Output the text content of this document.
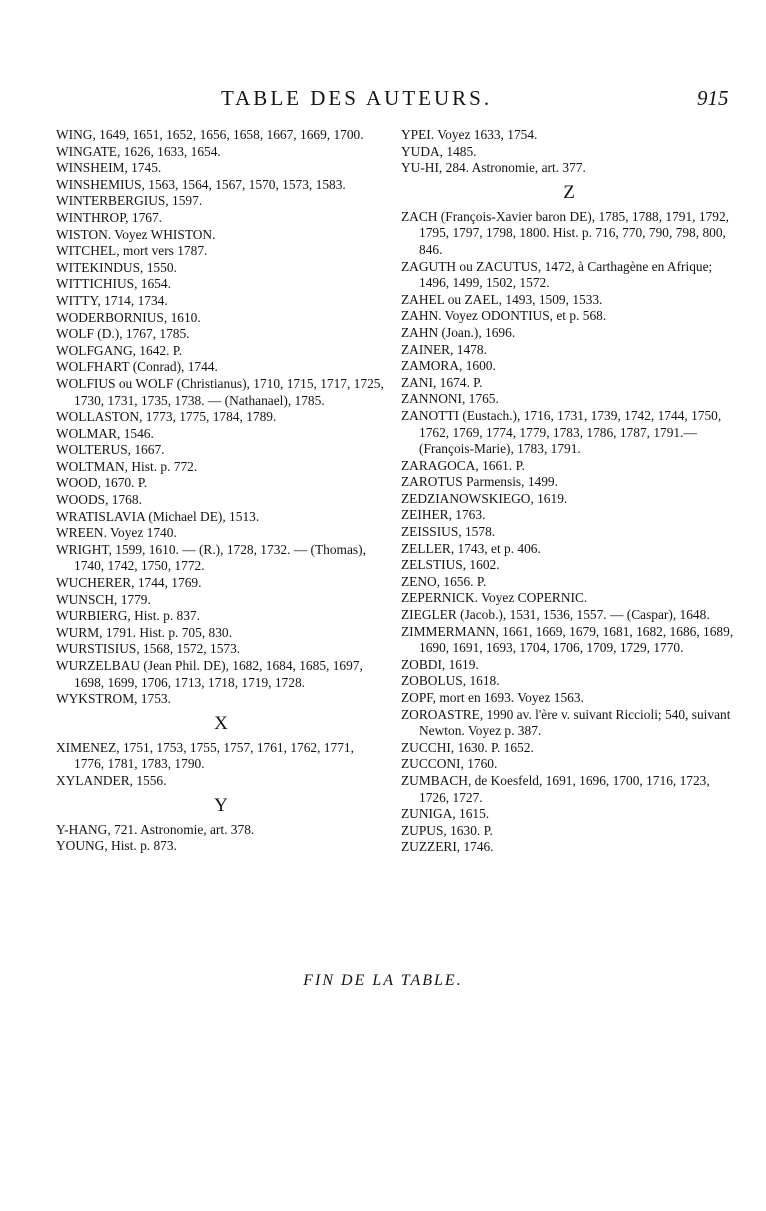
TABLE DES AUTEURS.	915
WING, 1649, 1651, 1652, 1656, 1658, 1667, 1669, 1700.
WINGATE, 1626, 1633, 1654.
WINSHEIM, 1745.
WINSHEMIUS, 1563, 1564, 1567, 1570, 1573, 1583.
WINTERBERGIUS, 1597.
WINTHROP, 1767.
WISTON. Voyez WHISTON.
WITCHEL, mort vers 1787.
WITEKINDUS, 1550.
WITTICHIUS, 1654.
WITTY, 1714, 1734.
WODERBORNIUS, 1610.
WOLF (D.), 1767, 1785.
WOLFGANG, 1642. P.
WOLFHART (Conrad), 1744.
WOLFIUS ou WOLF (Christianus), 1710, 1715, 1717, 1725, 1730, 1731, 1735, 1738. — (Nathanael), 1785.
WOLLASTON, 1773, 1775, 1784, 1789.
WOLMAR, 1546.
WOLTERUS, 1667.
WOLTMAN, Hist. p. 772.
WOOD, 1670. P.
WOODS, 1768.
WRATISLAVIA (Michael DE), 1513.
WREEN. Voyez 1740.
WRIGHT, 1599, 1610. — (R.), 1728, 1732. — (Thomas), 1740, 1742, 1750, 1772.
WUCHERER, 1744, 1769.
WUNSCH, 1779.
WURBIERG, Hist. p. 837.
WURM, 1791. Hist. p. 705, 830.
WURSTISIUS, 1568, 1572, 1573.
WURZELBAU (Jean Phil. DE), 1682, 1684, 1685, 1697, 1698, 1699, 1706, 1713, 1718, 1719, 1728.
WYKSTROM, 1753.
X
XIMENEZ, 1751, 1753, 1755, 1757, 1761, 1762, 1771, 1776, 1781, 1783, 1790.
XYLANDER, 1556.
Y
Y-HANG, 721. Astronomie, art. 378.
YOUNG, Hist. p. 873.
YPEI. Voyez 1633, 1754.
YUDA, 1485.
YU-HI, 284. Astronomie, art. 377.
Z
ZACH (François-Xavier baron DE), 1785, 1788, 1791, 1792, 1795, 1797, 1798, 1800. Hist. p. 716, 770, 790, 798, 800, 846.
ZAGUTH ou ZACUTUS, 1472, à Carthagène en Afrique; 1496, 1499, 1502, 1572.
ZAHEL ou ZAEL, 1493, 1509, 1533.
ZAHN. Voyez ODONTIUS, et p. 568.
ZAHN (Joan.), 1696.
ZAINER, 1478.
ZAMORA, 1600.
ZANI, 1674. P.
ZANNONI, 1765.
ZANOTTI (Eustach.), 1716, 1731, 1739, 1742, 1744, 1750, 1762, 1769, 1774, 1779, 1783, 1786, 1787, 1791.—(François-Marie), 1783, 1791.
ZARAGOCA, 1661. P.
ZAROTUS Parmensis, 1499.
ZEDZIANOWSKIEGO, 1619.
ZEIHER, 1763.
ZEISSIUS, 1578.
ZELLER, 1743, et p. 406.
ZELSTIUS, 1602.
ZENO, 1656. P.
ZEPERNICK. Voyez COPERNIC.
ZIEGLER (Jacob.), 1531, 1536, 1557. — (Caspar), 1648.
ZIMMERMANN, 1661, 1669, 1679, 1681, 1682, 1686, 1689, 1690, 1691, 1693, 1704, 1706, 1709, 1729, 1770.
ZOBDI, 1619.
ZOBOLUS, 1618.
ZOPF, mort en 1693. Voyez 1563.
ZOROASTRE, 1990 av. l'ère v. suivant Riccioli; 540, suivant Newton. Voyez p. 387.
ZUCCHI, 1630. P. 1652.
ZUCCONI, 1760.
ZUMBACH, de Koesfeld, 1691, 1696, 1700, 1716, 1723, 1726, 1727.
ZUNIGA, 1615.
ZUPUS, 1630. P.
ZUZZERI, 1746.
FIN DE LA TABLE.
